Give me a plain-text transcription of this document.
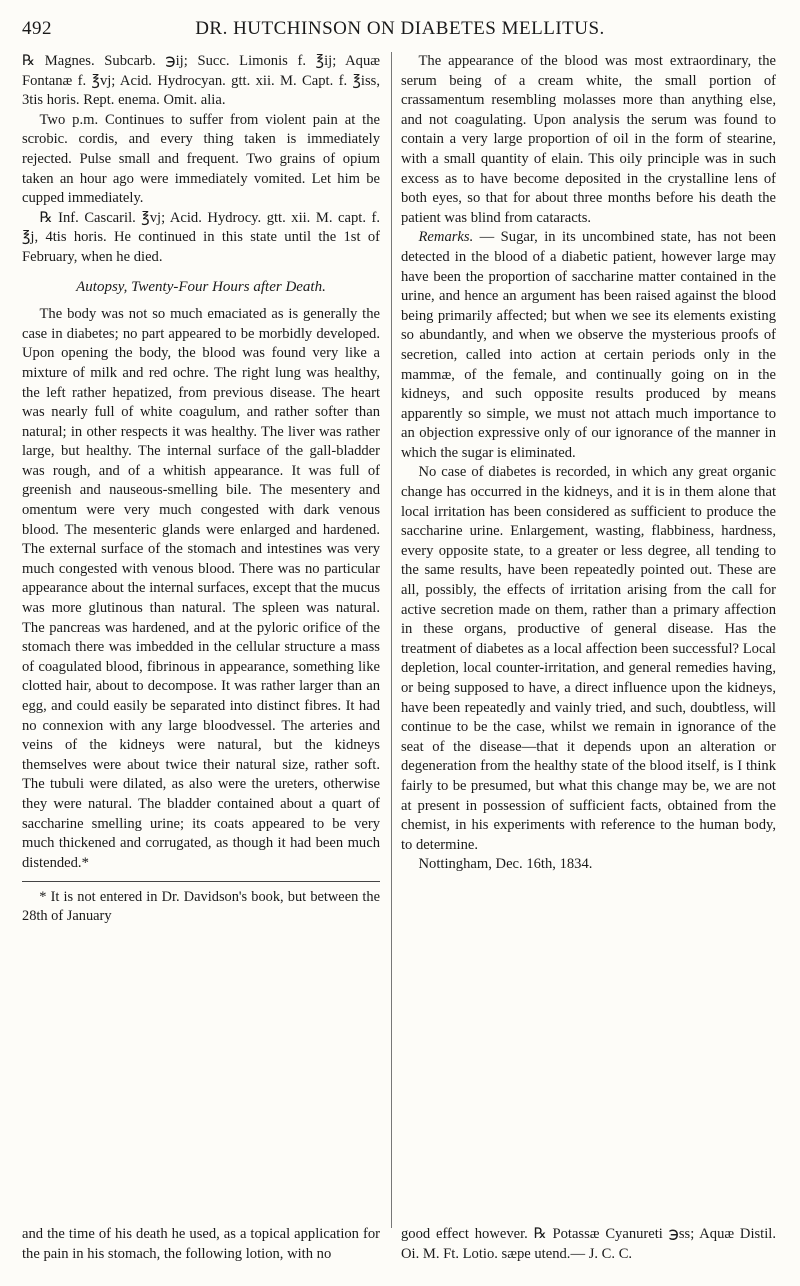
492	DR. HUTCHINSON ON DIABETES MELLITUS.

℞ Magnes. Subcarb. ℈ij; Succ. Limonis f. ℥ij; Aquæ Fontanæ f. ℥vj; Acid. Hydrocyan. gtt. xii. M. Capt. f. ℥iss, 3tis horis. Rept. enema. Omit. alia.

Two p.m. Continues to suffer from violent pain at the scrobic. cordis, and every thing taken is immediately rejected. Pulse small and frequent. Two grains of opium taken an hour ago were immediately vomited. Let him be cupped immediately.

℞ Inf. Cascaril. ℥vj; Acid. Hydrocy. gtt. xii. M. capt. f. ℥j, 4tis horis. He continued in this state until the 1st of February, when he died.

Autopsy, Twenty-Four Hours after Death.

The body was not so much emaciated as is generally the case in diabetes; no part appeared to be morbidly developed. Upon opening the body, the blood was found very like a mixture of milk and red ochre. The right lung was healthy, the left rather hepatized, from previous disease. The heart was nearly full of white coagulum, and rather softer than natural; in other respects it was healthy. The liver was rather large, but healthy. The internal surface of the gall-bladder was rough, and of a whitish appearance. It was full of greenish and nauseous-smelling bile. The mesentery and omentum were very much congested with dark venous blood. The mesenteric glands were enlarged and hardened. The external surface of the stomach and intestines was very much congested with venous blood. There was no particular appearance about the internal surfaces, except that the mucus was more glutinous than natural. The spleen was natural. The pancreas was hardened, and at the pyloric orifice of the stomach there was imbedded in the cellular structure a mass of coagulated blood, fibrinous in appearance, something like clotted hair, about to decompose. It was rather larger than an egg, and could easily be separated into distinct fibres. It had no connexion with any large bloodvessel. The arteries and veins of the kidneys were natural, but the kidneys themselves were about twice their natural size, rather soft. The tubuli were dilated, as also were the ureters, otherwise they were natural. The bladder contained about a quart of saccharine smelling urine; its coats appeared to be very much thickened and corrugated, as though it had been much distended.*

* It is not entered in Dr. Davidson's book, but between the 28th of January

The appearance of the blood was most extraordinary, the serum being of a cream white, the small portion of crassamentum resembling molasses more than anything else, and not coagulating. Upon analysis the serum was found to contain a very large proportion of oil in the form of stearine, with a small quantity of elain. This oily principle was in such excess as to have become deposited in the crystalline lens of both eyes, so that for about three months before his death the patient was blind from cataracts.

Remarks. — Sugar, in its uncombined state, has not been detected in the blood of a diabetic patient, however large may have been the proportion of saccharine matter contained in the urine, and hence an argument has been raised against the blood being primarily affected; but when we see its elements existing so abundantly, and when we observe the mysterious proofs of secretion, called into action at certain periods only in the mammæ, of the female, and continually going on in the kidneys, and such opposite results produced by means apparently so simple, we must not attach much importance to an objection expressive only of our ignorance of the manner in which the sugar is eliminated.

No case of diabetes is recorded, in which any great organic change has occurred in the kidneys, and it is in them alone that local irritation has been considered as sufficient to produce the saccharine urine. Enlargement, wasting, flabbiness, hardness, every opposite state, to a greater or less degree, all tending to the same results, have been repeatedly pointed out. These are all, possibly, the effects of irritation arising from the call for active secretion made on them, rather than a primary affection in these organs, productive of general disease. Has the treatment of diabetes as a local affection been successful? Local depletion, local counter-irritation, and general remedies having, or being supposed to have, a direct influence upon the kidneys, have been repeatedly and vainly tried, and such, doubtless, will continue to be the case, whilst we remain in ignorance of the seat of the disease—that it depends upon an alteration or degeneration from the healthy state of the blood itself, is I think fairly to be presumed, but what this change may be, we are not at present in possession of sufficient facts, obtained from the chemist, in his experiments with reference to the human body, to determine.

Nottingham, Dec. 16th, 1834.

and the time of his death he used, as a topical application for the pain in his stomach, the following lotion, with no

good effect however. ℞ Potassæ Cyanureti ℈ss; Aquæ Distil. Oi. M. Ft. Lotio. sæpe utend.— J. C. C.
